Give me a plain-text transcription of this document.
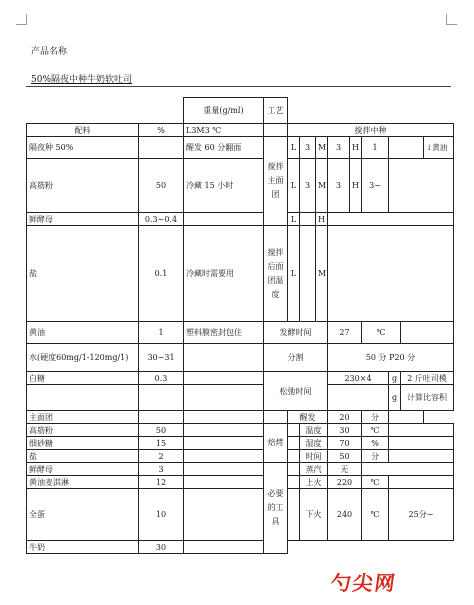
产品名称
50%隔夜中种牛奶软吐司
		重量(g/ml)	工艺									
配料	%	L3M3 ℃		搅拌中种								
隔夜种 50%		醒发 60 分翻面	搅拌主面团	L	3	M	3	H	1			↓黄油
高筋粉	50	冷藏 15 小时		L	3	M	3	H	3~			
鲜酵母	0.3~0.4			L		H						
盐	0.1	冷藏时需要用	搅拌后面团温度	L		M						
黄油	1	塑料膜密封包住	发酵时间				27		℃			
水(硬度60mg/1-120mg/1)	30~31		分割				50 分 P20 分					
白糖	0.3		松弛时间				230×4			g	2 斤吐司模	
										g	计算比容积	
主面团				醒发			20		分			
高筋粉	50		焙烤		温度		30		℃			
细砂糖	15				湿度		70		%			
盐	2				时间		50		分			
鲜酵母	3		必要的工具		蒸汽		无					
黄油麦淇淋	12				上火		220		℃			
全蛋	10				下火		240		℃	25分~		
牛奶	30											
勺尖网
